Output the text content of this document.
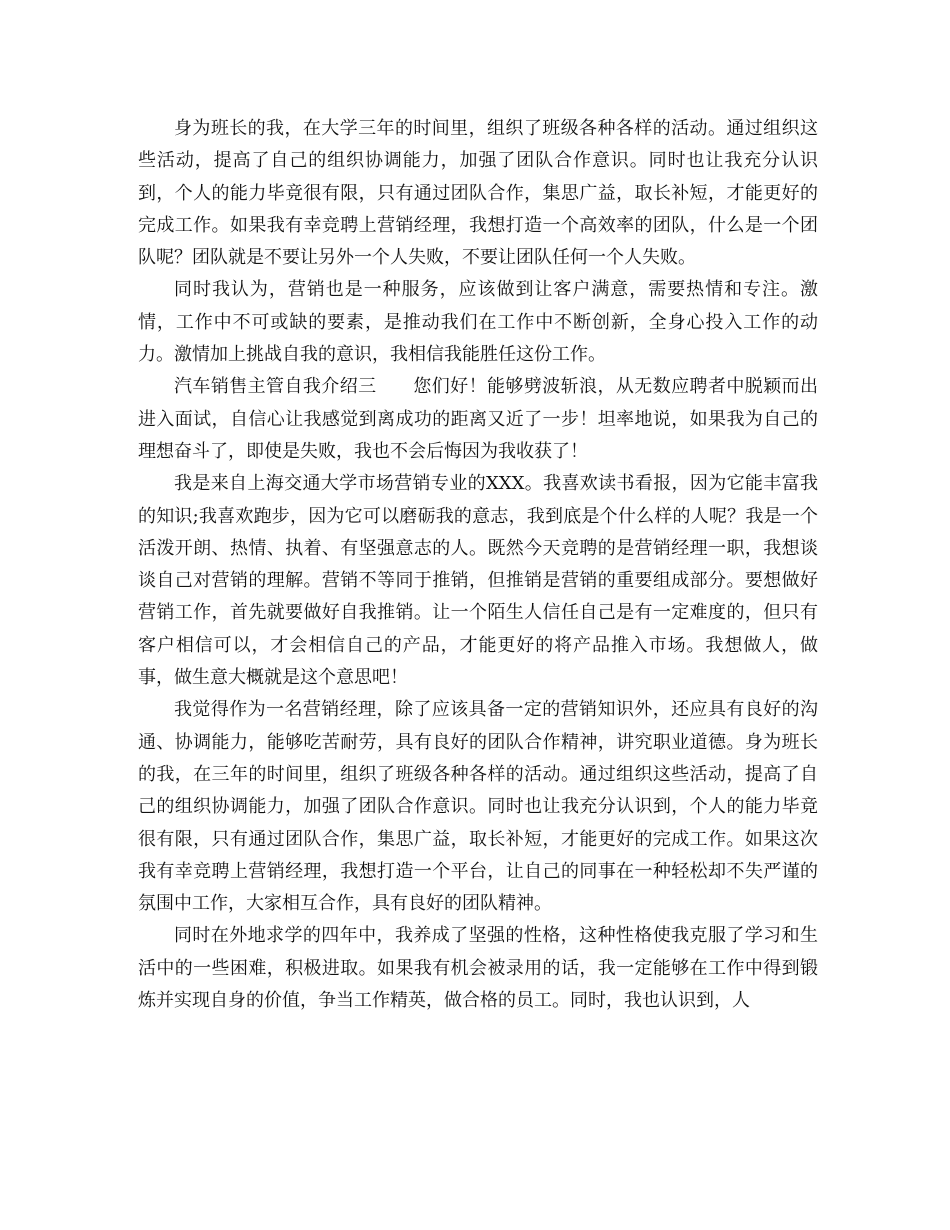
身为班长的我，在大学三年的时间里，组织了班级各种各样的活动。通过组织这些活动，提高了自己的组织协调能力，加强了团队合作意识。同时也让我充分认识到，个人的能力毕竟很有限，只有通过团队合作，集思广益，取长补短，才能更好的完成工作。如果我有幸竞聘上营销经理，我想打造一个高效率的团队，什么是一个团队呢？团队就是不要让另外一个人失败，不要让团队任何一个人失败。

同时我认为，营销也是一种服务，应该做到让客户满意，需要热情和专注。激情，工作中不可或缺的要素，是推动我们在工作中不断创新，全身心投入工作的动力。激情加上挑战自我的意识，我相信我能胜任这份工作。

汽车销售主管自我介绍三　　您们好！能够劈波斩浪，从无数应聘者中脱颖而出进入面试，自信心让我感觉到离成功的距离又近了一步！坦率地说，如果我为自己的理想奋斗了，即使是失败，我也不会后悔因为我收获了！

我是来自上海交通大学市场营销专业的XXX。我喜欢读书看报，因为它能丰富我的知识;我喜欢跑步，因为它可以磨砺我的意志，我到底是个什么样的人呢？我是一个活泼开朗、热情、执着、有坚强意志的人。既然今天竞聘的是营销经理一职，我想谈谈自己对营销的理解。营销不等同于推销，但推销是营销的重要组成部分。要想做好营销工作，首先就要做好自我推销。让一个陌生人信任自己是有一定难度的，但只有客户相信可以，才会相信自己的产品，才能更好的将产品推入市场。我想做人，做事，做生意大概就是这个意思吧！

我觉得作为一名营销经理，除了应该具备一定的营销知识外，还应具有良好的沟通、协调能力，能够吃苦耐劳，具有良好的团队合作精神，讲究职业道德。身为班长的我，在三年的时间里，组织了班级各种各样的活动。通过组织这些活动，提高了自己的组织协调能力，加强了团队合作意识。同时也让我充分认识到，个人的能力毕竟很有限，只有通过团队合作，集思广益，取长补短，才能更好的完成工作。如果这次我有幸竞聘上营销经理，我想打造一个平台，让自己的同事在一种轻松却不失严谨的氛围中工作，大家相互合作，具有良好的团队精神。

同时在外地求学的四年中，我养成了坚强的性格，这种性格使我克服了学习和生活中的一些困难，积极进取。如果我有机会被录用的话，我一定能够在工作中得到锻炼并实现自身的价值，争当工作精英，做合格的员工。同时，我也认识到，人
